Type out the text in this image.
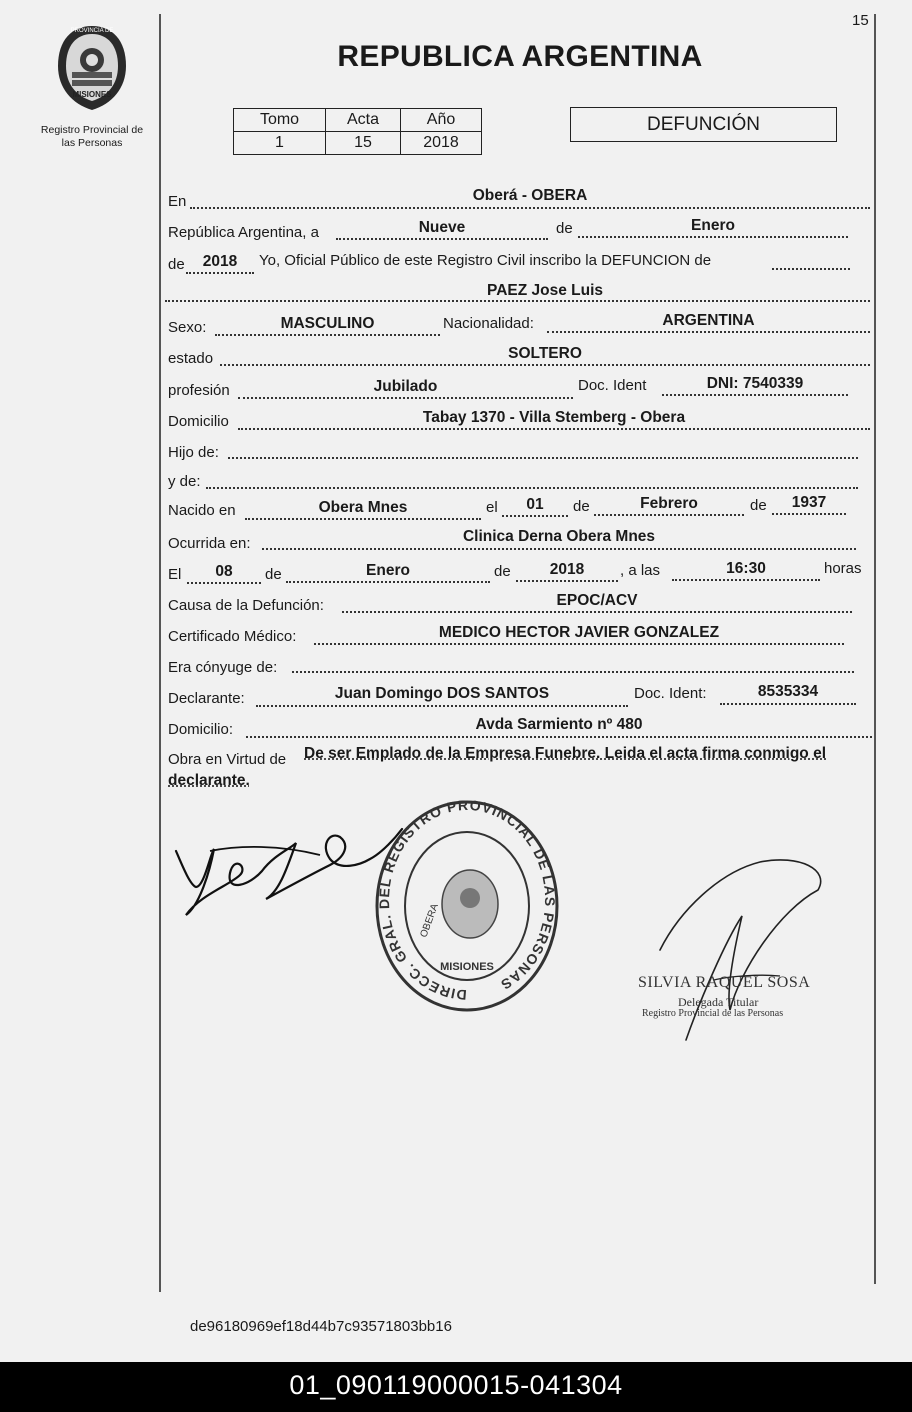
15
PROVINCIA DE
MISIONES
Registro Provincial de
las Personas
REPUBLICA ARGENTINA
Tomo	Acta	Año
1	15	2018
DEFUNCIÓN
En	Oberá - OBERA
República Argentina, a	Nueve	de	Enero
de	2018	Yo, Oficial Público de este Registro Civil inscribo la DEFUNCION de
PAEZ Jose Luis
Sexo:	MASCULINO	Nacionalidad:	ARGENTINA
estado	SOLTERO
profesión	Jubilado	Doc. Ident	DNI: 7540339
Domicilio	Tabay 1370 - Villa Stemberg - Obera
Hijo de:
y de:
Nacido en	Obera Mnes	el	01	de	Febrero	de	1937
Ocurrida en:	Clinica Derna Obera Mnes
El	08	de	Enero	de	2018	, a las	16:30	horas
Causa de la Defunción:	EPOC/ACV
Certificado Médico:	MEDICO HECTOR JAVIER GONZALEZ
Era cónyuge de:
Declarante:	Juan Domingo DOS SANTOS	Doc. Ident:	8535334
Domicilio:	Avda Sarmiento nº 480
Obra en Virtud de De ser Emplado de la Empresa Funebre. Leida el acta firma conmigo el
declarante.
DIRECC. GRAL. DEL REGISTRO PROVINCIAL DE LAS PERSONAS
OBERA
MISIONES
SILVIA RAQUEL SOSA
Delegada Titular
Registro Provincial de las Personas
de96180969ef18d44b7c93571803bb16
01_090119000015-041304
